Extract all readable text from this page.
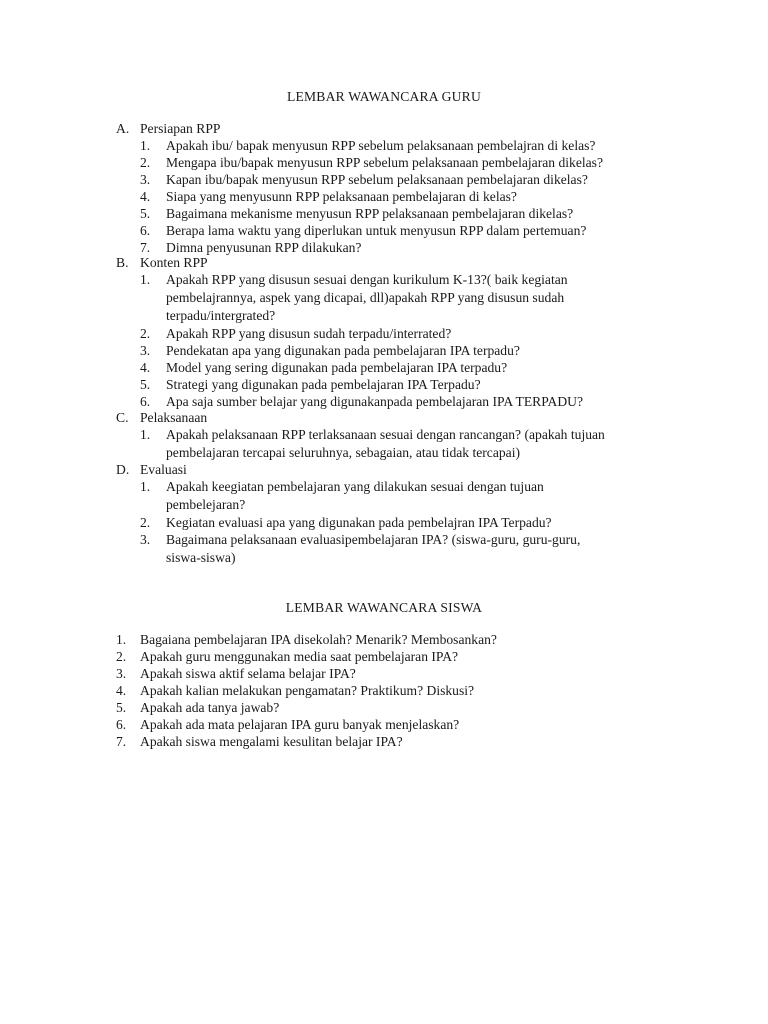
LEMBAR WAWANCARA GURU
A. Persiapan RPP
1.	Apakah ibu/ bapak menyusun RPP sebelum pelaksanaan pembelajran di kelas?
2.	Mengapa ibu/bapak menyusun RPP sebelum pelaksanaan pembelajaran dikelas?
3.	Kapan ibu/bapak menyusun RPP sebelum pelaksanaan pembelajaran dikelas?
4.	Siapa yang menyusunn RPP pelaksanaan pembelajaran di kelas?
5.	Bagaimana mekanisme menyusun RPP pelaksanaan pembelajaran dikelas?
6.	Berapa lama waktu yang diperlukan untuk menyusun RPP dalam pertemuan?
7.	Dimna penyusunan RPP dilakukan?
B. Konten RPP
1.	Apakah RPP yang disusun sesuai dengan kurikulum K-13?( baik kegiatan pembelajrannya, aspek yang dicapai, dll)apakah RPP yang disusun sudah terpadu/intergrated?
2.	Apakah RPP yang disusun sudah terpadu/interrated?
3.	Pendekatan apa yang digunakan pada pembelajaran IPA terpadu?
4.	Model yang sering digunakan pada pembelajaran IPA terpadu?
5.	Strategi yang digunakan pada pembelajaran IPA Terpadu?
6.	Apa saja sumber belajar yang digunakanpada pembelajaran IPA TERPADU?
C. Pelaksanaan
1.	Apakah pelaksanaan RPP terlaksanaan sesuai dengan rancangan? (apakah tujuan pembelajaran tercapai seluruhnya, sebagaian, atau tidak tercapai)
D. Evaluasi
1.	Apakah keegiatan pembelajaran yang dilakukan sesuai dengan tujuan pembelejaran?
2.	Kegiatan evaluasi apa yang digunakan pada pembelajran IPA Terpadu?
3.	Bagaimana pelaksanaan evaluasipembelajaran IPA? (siswa-guru, guru-guru, siswa-siswa)
LEMBAR WAWANCARA SISWA
1.	Bagaiana pembelajaran IPA disekolah? Menarik? Membosankan?
2.	Apakah guru menggunakan media saat pembelajaran IPA?
3.	Apakah siswa aktif selama belajar IPA?
4.	Apakah kalian melakukan pengamatan? Praktikum? Diskusi?
5.	Apakah ada tanya jawab?
6.	Apakah ada mata pelajaran IPA guru banyak menjelaskan?
7.	Apakah siswa mengalami kesulitan belajar IPA?
